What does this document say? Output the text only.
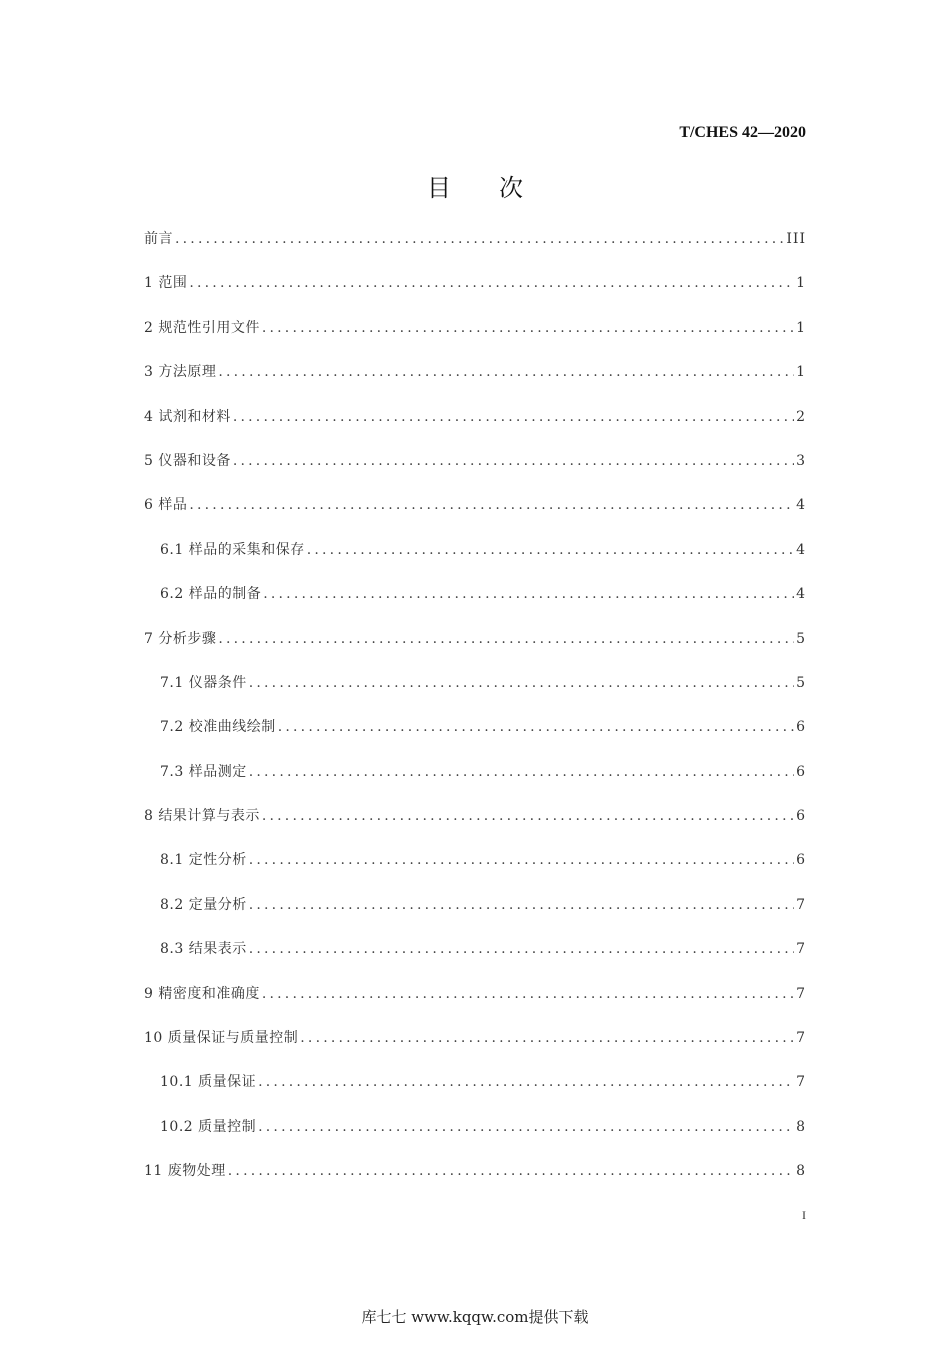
T/CHES 42—2020
目次
前言 .....	III
1 范围 .....	1
2 规范性引用文件 .....	1
3 方法原理 .....	1
4 试剂和材料 .....	2
5 仪器和设备 .....	3
6 样品 .....	4
6.1 样品的采集和保存 .....	4
6.2 样品的制备 .....	4
7 分析步骤 .....	5
7.1 仪器条件 .....	5
7.2 校准曲线绘制 .....	6
7.3 样品测定 .....	6
8 结果计算与表示 .....	6
8.1 定性分析 .....	6
8.2 定量分析 .....	7
8.3 结果表示 .....	7
9 精密度和准确度 .....	7
10 质量保证与质量控制 .....	7
10.1 质量保证 .....	7
10.2 质量控制 .....	8
11 废物处理 .....	8
I
库七七 www.kqqw.com提供下载
